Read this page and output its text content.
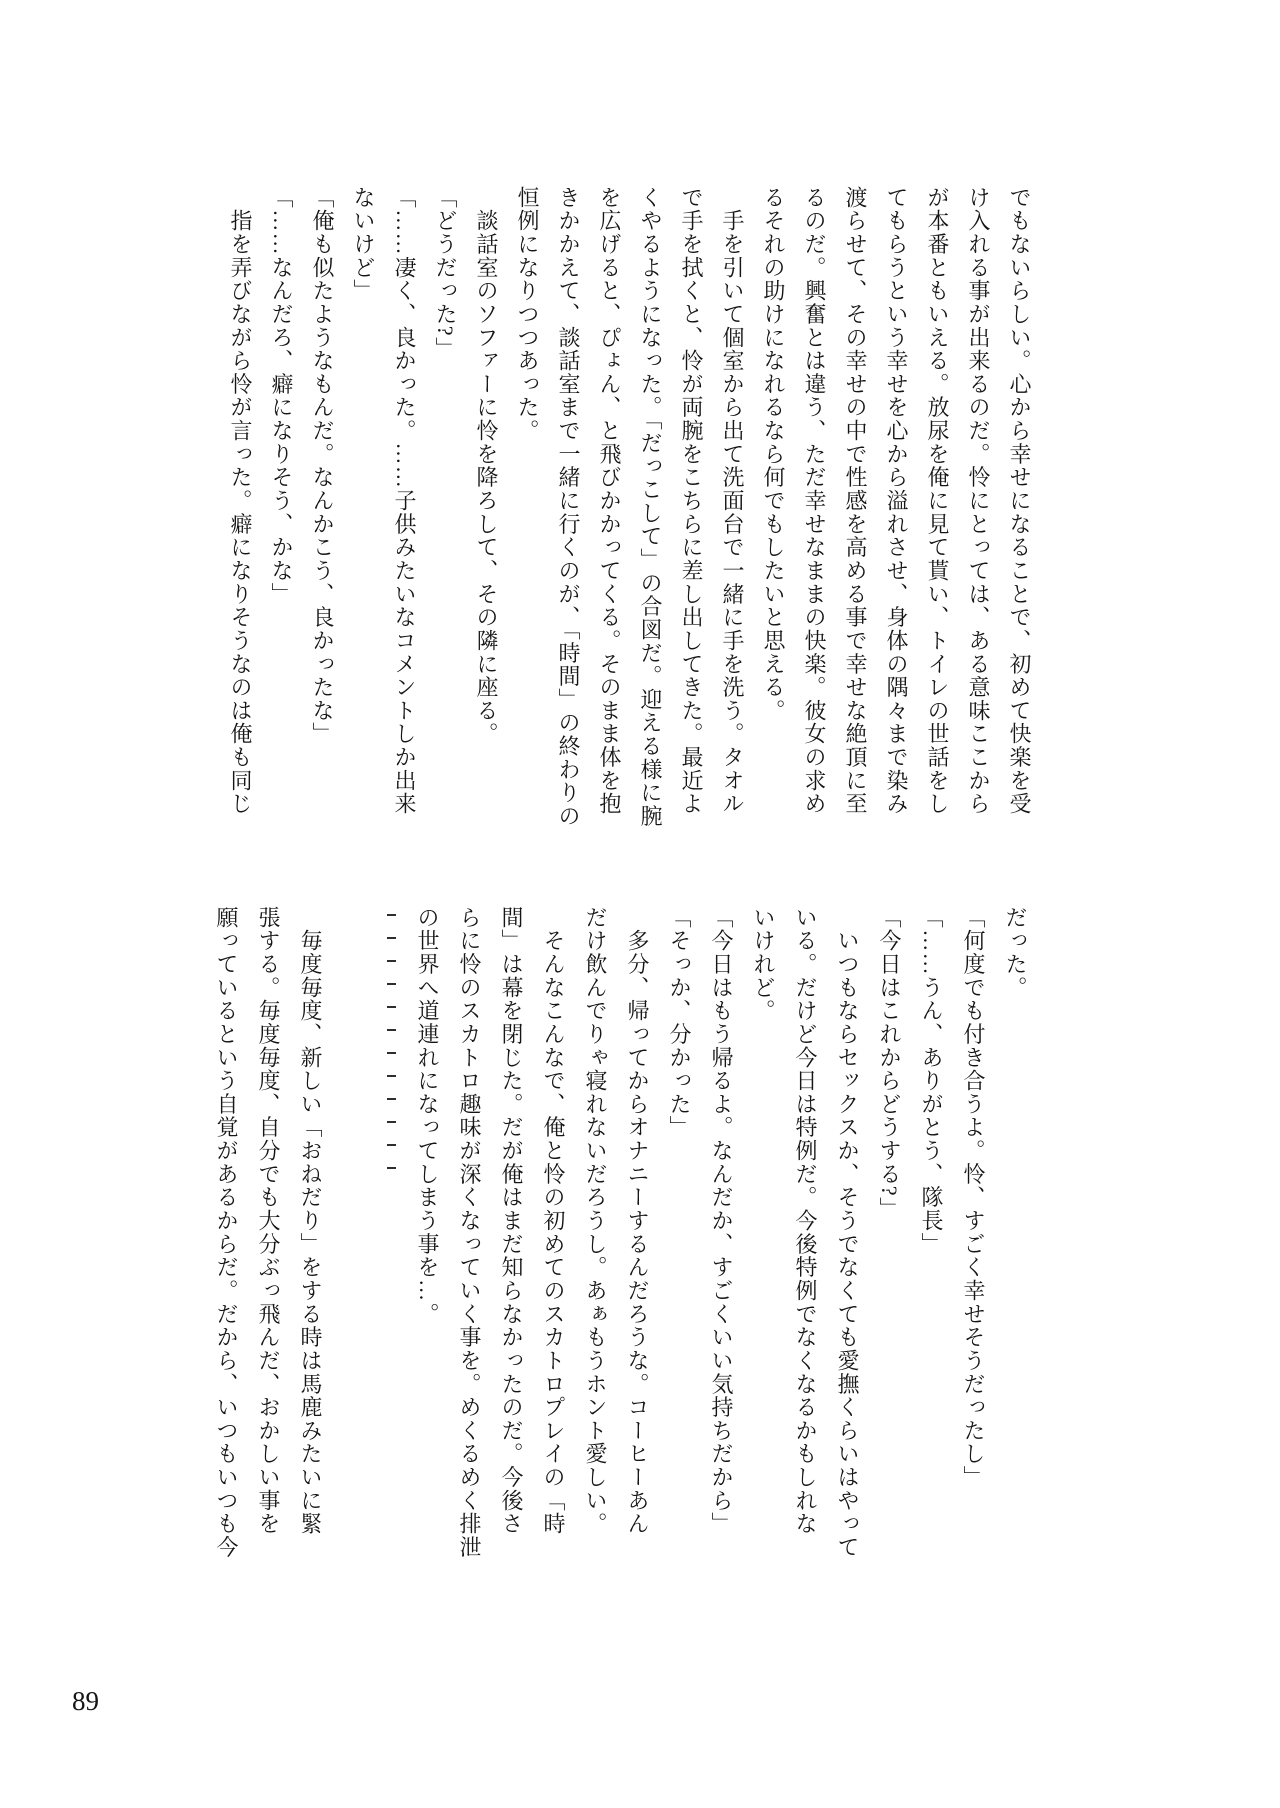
でもないらしい。心から幸せになることで、初めて快楽を受

け入れる事が出来るのだ。怜にとっては、ある意味ここから

が本番ともいえる。放尿を俺に見て貰い、トイレの世話をし

てもらうという幸せを心から溢れさせ、身体の隅々まで染み

渡らせて、その幸せの中で性感を高める事で幸せな絶頂に至

るのだ。興奮とは違う、ただ幸せなままの快楽。彼女の求め

るそれの助けになれるなら何でもしたいと思える。

　手を引いて個室から出て洗面台で一緒に手を洗う。タオル

で手を拭くと、怜が両腕をこちらに差し出してきた。最近よ

くやるようになった。「だっこして」の合図だ。迎える様に腕

を広げると、ぴょん、と飛びかかってくる。そのまま体を抱

きかかえて、談話室まで一緒に行くのが、「時間」の終わりの

恒例になりつつあった。

　談話室のソファーに怜を降ろして、その隣に座る。

「どうだった?」

「……凄く、良かった。……子供みたいなコメントしか出来

ないけど」

「俺も似たようなもんだ。なんかこう、良かったな」

「……なんだろ、癖になりそう、かな」

　指を弄びながら怜が言った。癖になりそうなのは俺も同じ

だった。

「何度でも付き合うよ。怜、すごく幸せそうだったし」

「……うん、ありがとう、隊長」

「今日はこれからどうする?」

　いつもならセックスか、そうでなくても愛撫くらいはやって

いる。だけど今日は特例だ。今後特例でなくなるかもしれな

いけれど。

「今日はもう帰るよ。なんだか、すごくいい気持ちだから」

「そっか、分かった」

　多分、帰ってからオナニーするんだろうな。コーヒーあん

だけ飲んでりゃ寝れないだろうし。あぁもうホント愛しい。

　そんなこんなで、俺と怜の初めてのスカトロプレイの「時

間」は幕を閉じた。だが俺はまだ知らなかったのだ。今後さ

らに怜のスカトロ趣味が深くなっていく事を。めくるめく排泄

の世界へ道連れになってしまう事を…。

　毎度毎度、新しい「おねだり」をする時は馬鹿みたいに緊

張する。毎度毎度、自分でも大分ぶっ飛んだ、おかしい事を

願っているという自覚があるからだ。だから、いつもいつも今

89
